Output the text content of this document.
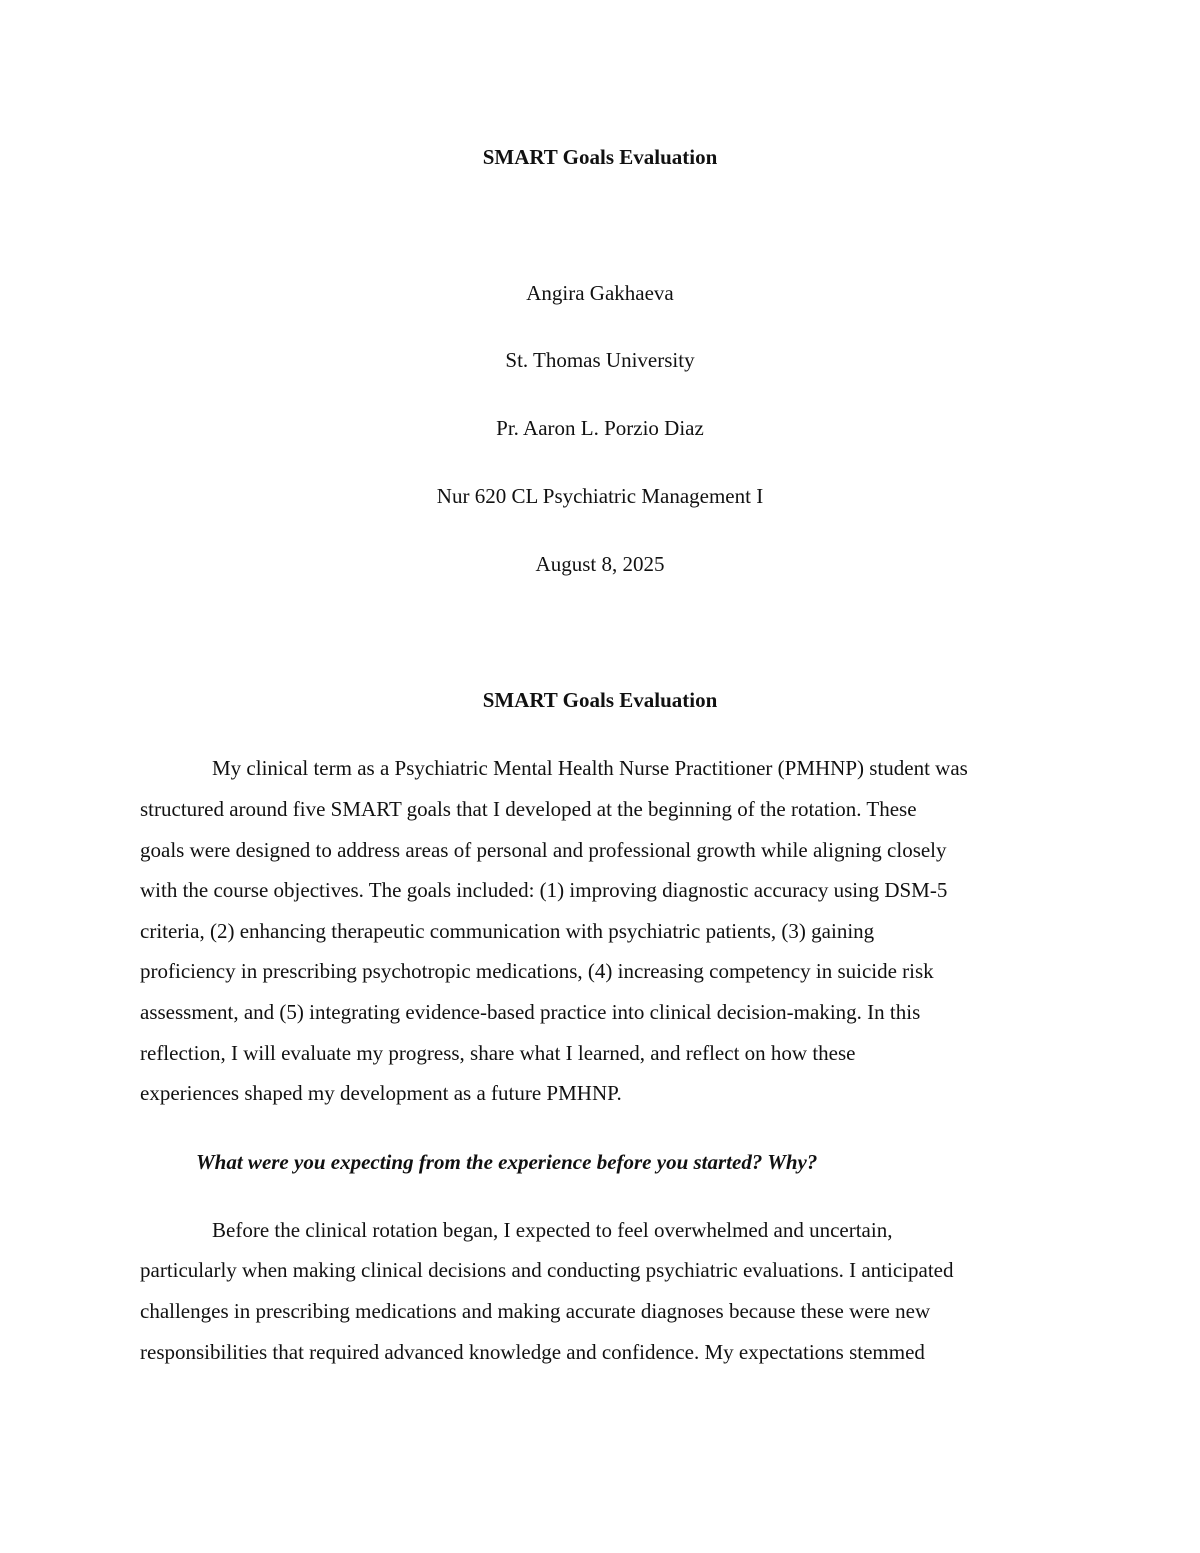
SMART Goals Evaluation
Angira Gakhaeva
St. Thomas University
Pr. Aaron L. Porzio Diaz
Nur 620 CL Psychiatric Management I
August 8, 2025
SMART Goals Evaluation
My clinical term as a Psychiatric Mental Health Nurse Practitioner (PMHNP) student was
structured around five SMART goals that I developed at the beginning of the rotation. These
goals were designed to address areas of personal and professional growth while aligning closely
with the course objectives. The goals included: (1) improving diagnostic accuracy using DSM-5
criteria, (2) enhancing therapeutic communication with psychiatric patients, (3) gaining
proficiency in prescribing psychotropic medications, (4) increasing competency in suicide risk
assessment, and (5) integrating evidence-based practice into clinical decision-making. In this
reflection, I will evaluate my progress, share what I learned, and reflect on how these
experiences shaped my development as a future PMHNP.
What were you expecting from the experience before you started? Why?
Before the clinical rotation began, I expected to feel overwhelmed and uncertain,
particularly when making clinical decisions and conducting psychiatric evaluations. I anticipated
challenges in prescribing medications and making accurate diagnoses because these were new
responsibilities that required advanced knowledge and confidence. My expectations stemmed
